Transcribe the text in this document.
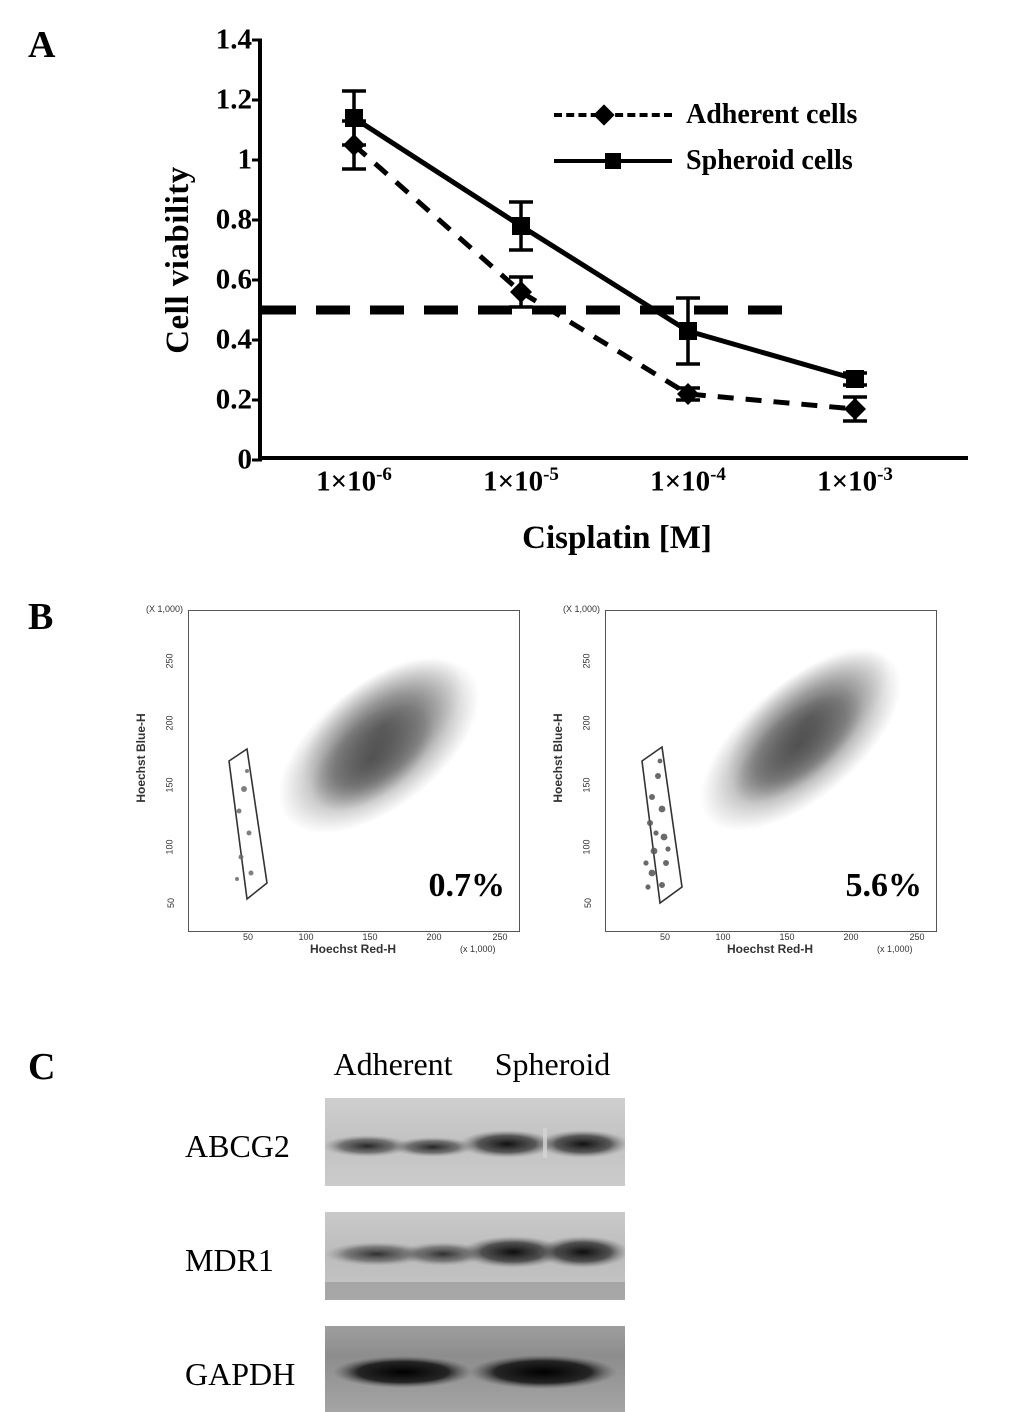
A
Cell viability
0
0.2
0.4
0.6
0.8
1
1.2
1.4
Adherent cells
Spheroid cells
$1\times 10^{-6}$	$1\times 10^{-5}$	$1\times 10^{-4}$	$1\times 10^{-3}$
Cisplatin [M]
B	(X 1,000)
Hoechst Blue-H
250
200
150
100
50	0.7%
50	100	150	200	250
Hoechst Red-H	(x 1,000)
(X 1,000)
Hoechst Blue-H
250
200
150
100
50	5.6%
50	100	150	200	250
Hoechst Red-H	(x 1,000)
C	Adherent	Spheroid
ABCG2
MDR1
GAPDH
